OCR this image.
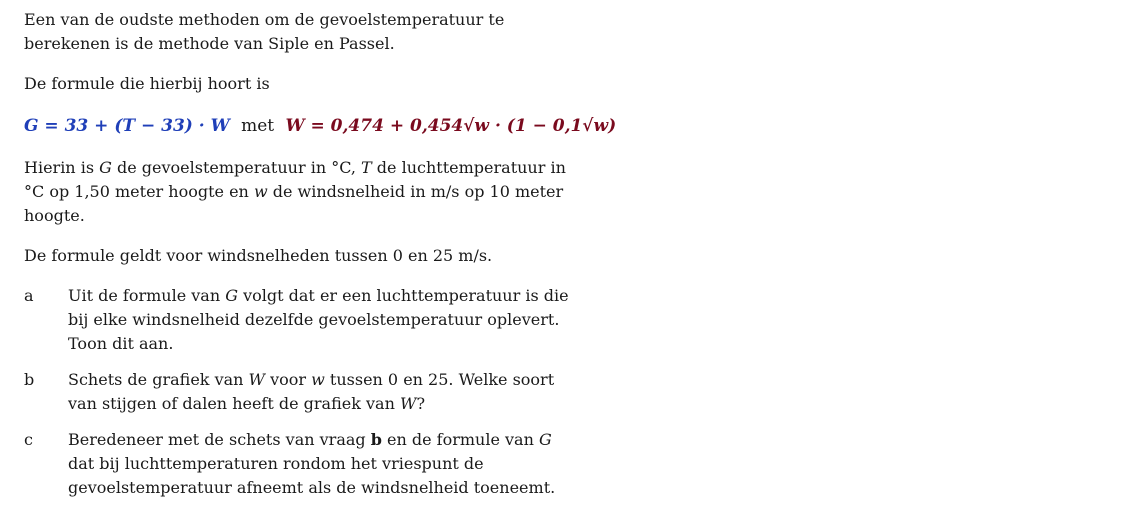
Een van de oudste methoden om de gevoelstemperatuur te
berekenen is de methode van Siple en Passel.

De formule die hierbij hoort is

G = 33 + (T − 33) · W met W = 0,474 + 0,454√w · (1 − 0,1√w)

Hierin is G de gevoelstemperatuur in °C, T de luchttemperatuur in
°C op 1,50 meter hoogte en w de windsnelheid in m/s op 10 meter
hoogte.

De formule geldt voor windsnelheden tussen 0 en 25 m/s.

a	Uit de formule van G volgt dat er een luchttemperatuur is die
bij elke windsnelheid dezelfde gevoelstemperatuur oplevert.
Toon dit aan.
b	Schets de grafiek van W voor w tussen 0 en 25. Welke soort
van stijgen of dalen heeft de grafiek van W?
c	Beredeneer met de schets van vraag b en de formule van G
dat bij luchttemperaturen rondom het vriespunt de
gevoelstemperatuur afneemt als de windsnelheid toeneemt.
